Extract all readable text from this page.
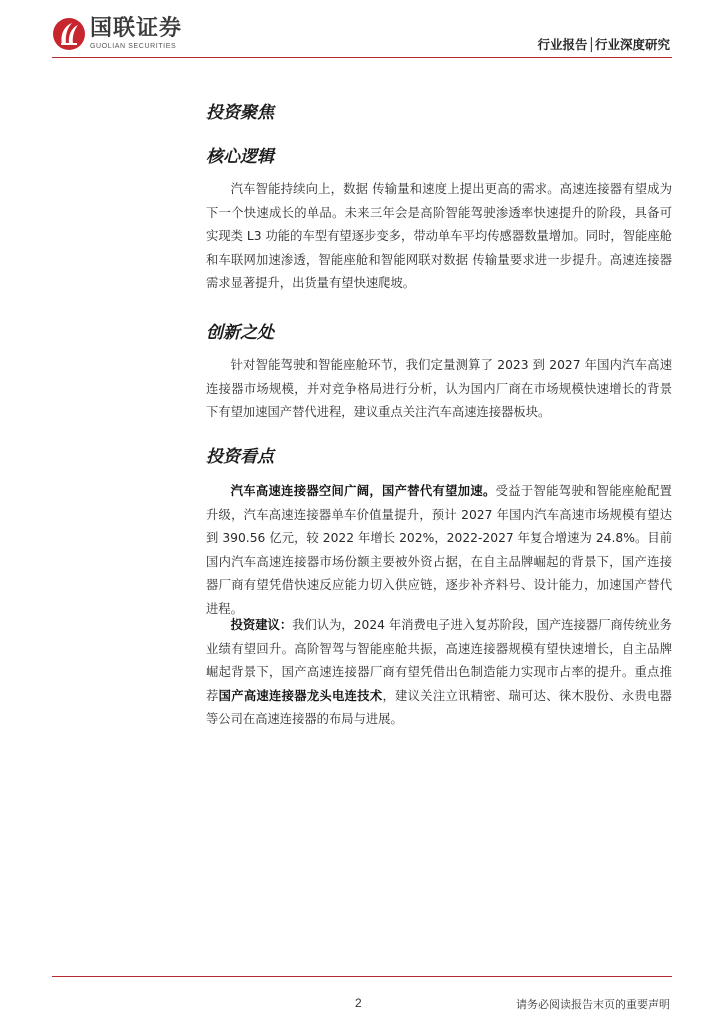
国联证券
GUOLIAN SECURITIES	行业报告│行业深度研究
投资聚焦
核心逻辑

汽车智能持续向上，数据 传输量和速度上提出更高的需求。高速连接器有望成为下一个快速成长的单品。未来三年会是高阶智能驾驶渗透率快速提升的阶段，具备可实现类 L3 功能的车型有望逐步变多，带动单车平均传感器数量增加。同时，智能座舱和车联网加速渗透，智能座舱和智能网联对数据 传输量要求进一步提升。高速连接器需求显著提升，出货量有望快速爬坡。

创新之处

针对智能驾驶和智能座舱环节，我们定量测算了 2023 到 2027 年国内汽车高速连接器市场规模，并对竞争格局进行分析，认为国内厂商在市场规模快速增长的背景下有望加速国产替代进程，建议重点关注汽车高速连接器板块。

投资看点

汽车高速连接器空间广阔，国产替代有望加速。受益于智能驾驶和智能座舱配置升级，汽车高速连接器单车价值量提升，预计 2027 年国内汽车高速市场规模有望达到 390.56 亿元，较 2022 年增长 202%，2022-2027 年复合增速为 24.8%。目前国内汽车高速连接器市场份额主要被外资占据，在自主品牌崛起的背景下，国产连接器厂商有望凭借快速反应能力切入供应链，逐步补齐料号、设计能力，加速国产替代进程。

投资建议：我们认为，2024 年消费电子进入复苏阶段，国产连接器厂商传统业务业绩有望回升。高阶智驾与智能座舱共振，高速连接器规模有望快速增长，自主品牌崛起背景下，国产高速连接器厂商有望凭借出色制造能力实现市占率的提升。重点推荐国产高速连接器龙头电连技术，建议关注立讯精密、瑞可达、徕木股份、永贵电器等公司在高速连接器的布局与进展。

2	请务必阅读报告末页的重要声明
